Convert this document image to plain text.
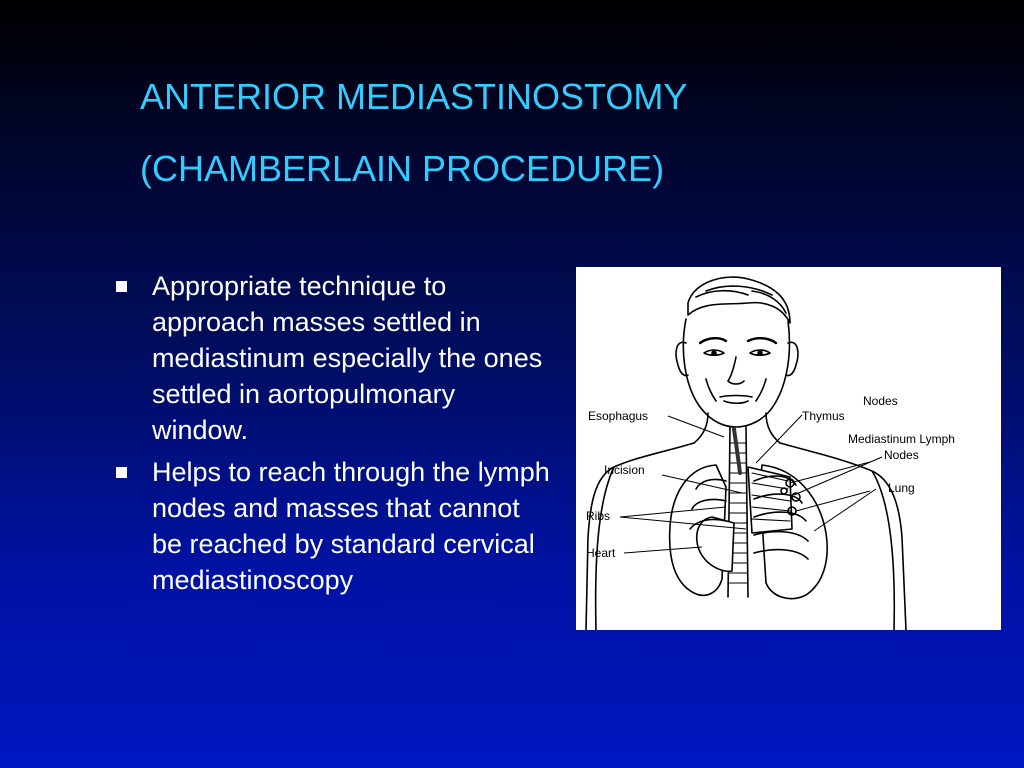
ANTERIOR MEDIASTINOSTOMY
(CHAMBERLAIN PROCEDURE)
Appropriate technique to approach masses settled in mediastinum especially the ones settled in aortopulmonary window.
Helps to reach through the lymph nodes and masses that cannot be reached by standard cervical mediastinoscopy
Esophagus	Thymus
Nodes
Mediastinum Lymph
Nodes
Incision
Lung
Ribs
Heart
